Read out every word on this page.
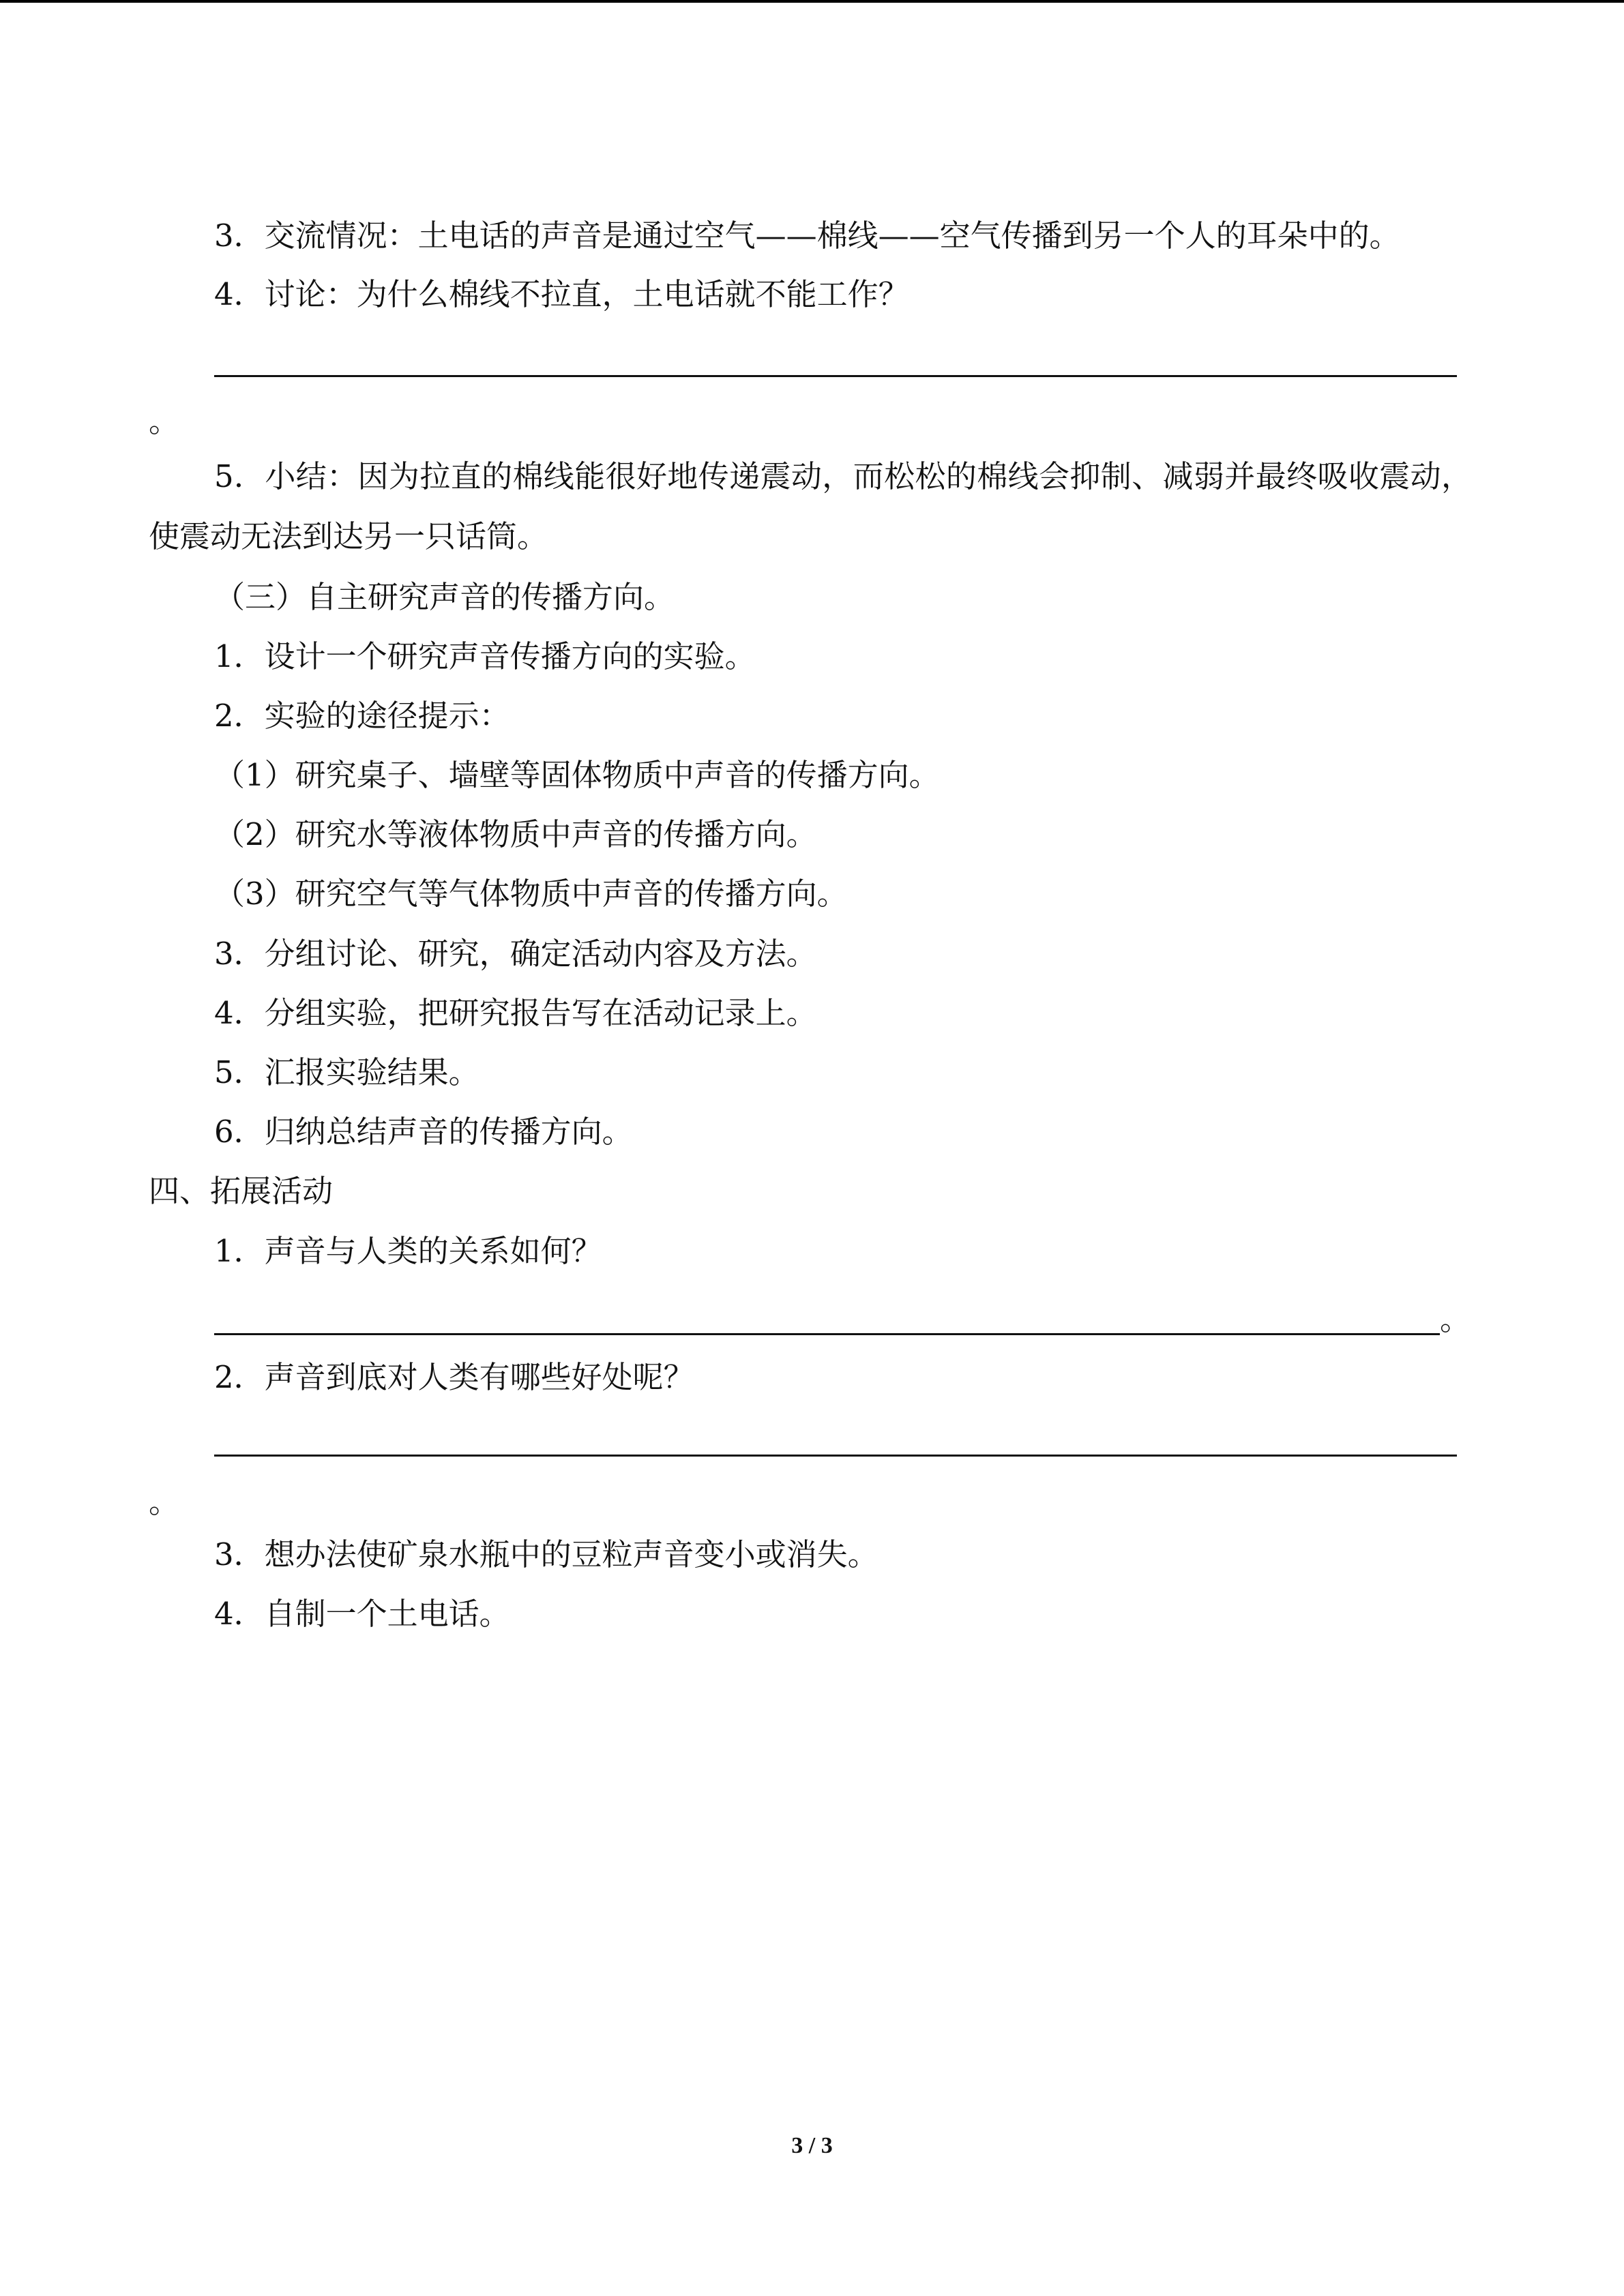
3．交流情况：土电话的声音是通过空气——棉线——空气传播到另一个人的耳朵中的。
4．讨论：为什么棉线不拉直，土电话就不能工作？
。
5．小结：因为拉直的棉线能很好地传递震动，而松松的棉线会抑制、减弱并最终吸收震动，使震动无法到达另一只话筒。
（三）自主研究声音的传播方向。
1．设计一个研究声音传播方向的实验。
2．实验的途径提示：
（1）研究桌子、墙壁等固体物质中声音的传播方向。
（2）研究水等液体物质中声音的传播方向。
（3）研究空气等气体物质中声音的传播方向。
3．分组讨论、研究，确定活动内容及方法。
4．分组实验，把研究报告写在活动记录上。
5．汇报实验结果。
6．归纳总结声音的传播方向。
四、拓展活动
1．声音与人类的关系如何？
。
2．声音到底对人类有哪些好处呢？
。
3．想办法使矿泉水瓶中的豆粒声音变小或消失。
4．自制一个土电话。
3 / 3
